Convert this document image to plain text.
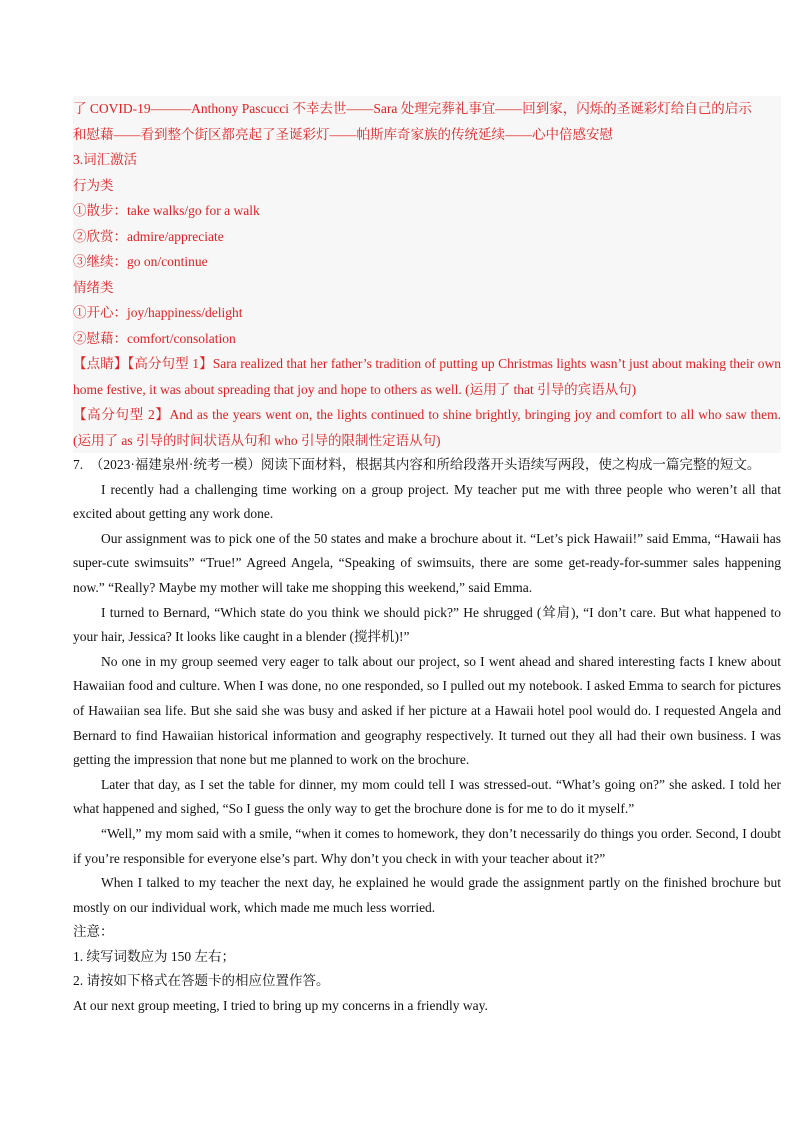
了 COVID-19———Anthony Pascucci 不幸去世——Sara 处理完葬礼事宜——回到家，闪烁的圣诞彩灯给自己的启示

和慰藉——看到整个街区都亮起了圣诞彩灯——帕斯库奇家族的传统延续——心中倍感安慰

3.词汇激活

行为类

①散步：take walks/go for a walk

②欣赏：admire/appreciate

③继续：go on/continue

情绪类

①开心：joy/happiness/delight

②慰藉：comfort/consolation

【点睛】【高分句型 1】Sara realized that her father’s tradition of putting up Christmas lights wasn’t just about making their own home festive, it was about spreading that joy and hope to others as well. (运用了 that 引导的宾语从句)

【高分句型 2】And as the years went on, the lights continued to shine brightly, bringing joy and comfort to all who saw them. (运用了 as 引导的时间状语从句和 who 引导的限制性定语从句)

7.　（2023·福建泉州·统考一模）阅读下面材料，根据其内容和所给段落开头语续写两段，使之构成一篇完整的短文。

I recently had a challenging time working on a group project. My teacher put me with three people who weren’t all that excited about getting any work done.

Our assignment was to pick one of the 50 states and make a brochure about it. “Let’s pick Hawaii!” said Emma, “Hawaii has super-cute swimsuits” “True!” Agreed Angela, “Speaking of swimsuits, there are some get-ready-for-summer sales happening now.” “Really? Maybe my mother will take me shopping this weekend,” said Emma.

I turned to Bernard, “Which state do you think we should pick?” He shrugged (耸肩), “I don’t care. But what happened to your hair, Jessica? It looks like caught in a blender (搅拌机)!”

No one in my group seemed very eager to talk about our project, so I went ahead and shared interesting facts I knew about Hawaiian food and culture. When I was done, no one responded, so I pulled out my notebook. I asked Emma to search for pictures of Hawaiian sea life. But she said she was busy and asked if her picture at a Hawaii hotel pool would do. I requested Angela and Bernard to find Hawaiian historical information and geography respectively. It turned out they all had their own business. I was getting the impression that none but me planned to work on the brochure.

Later that day, as I set the table for dinner, my mom could tell I was stressed-out. “What’s going on?” she asked. I told her what happened and sighed, “So I guess the only way to get the brochure done is for me to do it myself.”

“Well,” my mom said with a smile, “when it comes to homework, they don’t necessarily do things you order. Second, I doubt if you’re responsible for everyone else’s part. Why don’t you check in with your teacher about it?”

When I talked to my teacher the next day, he explained he would grade the assignment partly on the finished brochure but mostly on our individual work, which made me much less worried.

注意：

1. 续写词数应为 150 左右；

2. 请按如下格式在答题卡的相应位置作答。

At our next group meeting, I tried to bring up my concerns in a friendly way.
